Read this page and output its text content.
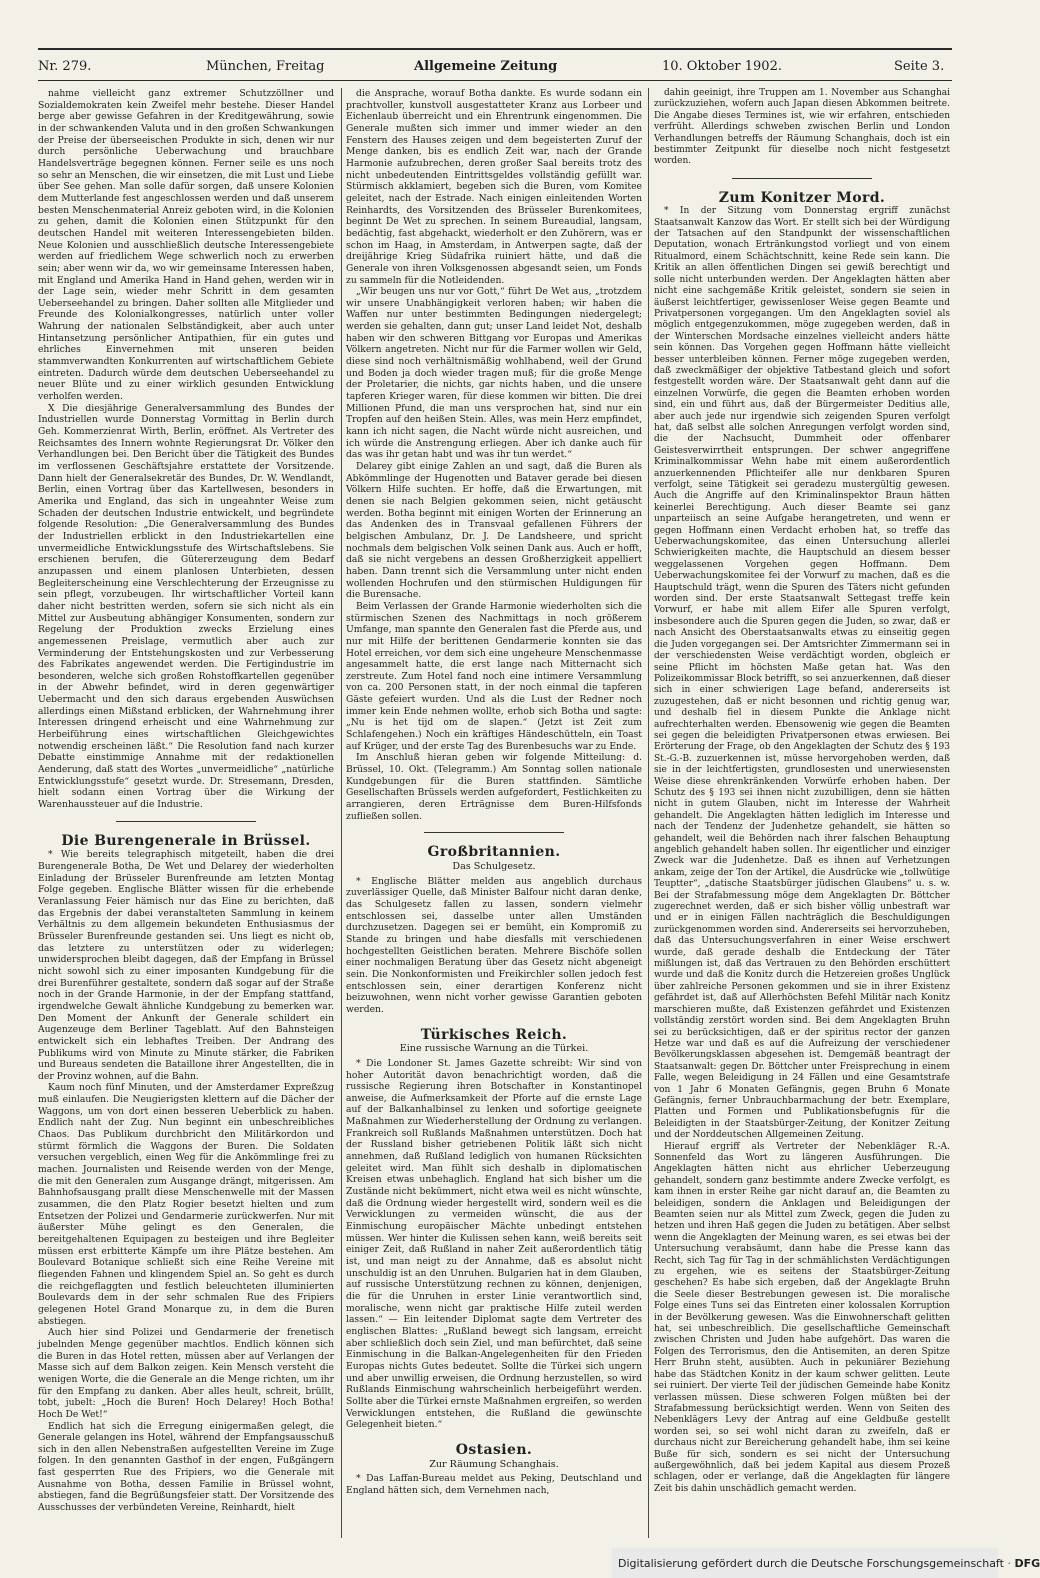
Nr. 279.	München, Freitag	Allgemeine Zeitung	10. Oktober 1902.	Seite 3.

nahme vielleicht ganz extremer Schutzzöllner und Sozialdemokraten kein Zweifel mehr bestehe. Dieser Handel berge aber gewisse Gefahren in der Kreditgewährung, sowie in der schwankenden Valuta und in den großen Schwankungen der Preise der überseeischen Produkte in sich, denen wir nur durch persönliche Ueberwachung und brauchbare Handelsverträge begegnen können. Ferner seile es uns noch so sehr an Menschen, die wir einsetzen, die mit Lust und Liebe über See gehen. Man solle dafür sorgen, daß unsere Kolonien dem Mutterlande fest angeschlossen werden und daß unserem besten Menschenmaterial Anreiz geboten wird, in die Kolonien zu gehen, damit die Kolonien einen Stützpunkt für den deutschen Handel mit weiteren Interessengebieten bilden. Neue Kolonien und ausschließlich deutsche Interessengebiete werden auf friedlichem Wege schwerlich noch zu erwerben sein; aber wenn wir da, wo wir gemeinsame Interessen haben, mit England und Amerika Hand in Hand gehen, werden wir in der Lage sein, wieder mehr Schritt in dem gesamten Ueberseehandel zu bringen. Daher sollten alle Mitglieder und Freunde des Kolonialkongresses, natürlich unter voller Wahrung der nationalen Selbständigkeit, aber auch unter Hintansetzung persönlicher Antipathien, für ein gutes und ehrliches Einvernehmen mit unseren beiden stammverwandten Konkurrenten auf wirtschaftlichem Gebiete eintreten. Dadurch würde dem deutschen Ueberseehandel zu neuer Blüte und zu einer wirklich gesunden Entwicklung verholfen werden.

X Die diesjährige Generalversammlung des Bundes der Industriellen wurde Donnerstag Vormittag in Berlin durch Geh. Kommerzienrat Wirth, Berlin, eröffnet. Als Vertreter des Reichsamtes des Innern wohnte Regierungsrat Dr. Völker den Verhandlungen bei. Den Bericht über die Tätigkeit des Bundes im verflossenen Geschäftsjahre erstattete der Vorsitzende. Dann hielt der Generalsekretär des Bundes, Dr. W. Wendlandt, Berlin, einen Vortrag über das Kartellwesen, besonders in Amerika und England, das sich in ungeahnter Weise zum Schaden der deutschen Industrie entwickelt, und begründete folgende Resolution: „Die Generalversammlung des Bundes der Industriellen erblickt in den Industriekartellen eine unvermeidliche Entwicklungsstufe des Wirtschaftslebens. Sie erschienen berufen, die Gütererzeugung dem Bedarf anzupassen und einem planlosen Unterbieten, dessen Begleiterscheinung eine Verschlechterung der Erzeugnisse zu sein pflegt, vorzubeugen. Ihr wirtschaftlicher Vorteil kann daher nicht bestritten werden, sofern sie sich nicht als ein Mittel zur Ausbeutung abhängiger Konsumenten, sondern zur Regelung der Produktion zwecks Erzielung eines angemessenen Preislage, vermutlich aber auch zur Verminderung der Entstehungskosten und zur Verbesserung des Fabrikates angewendet werden. Die Fertigindustrie im besonderen, welche sich großen Rohstoffkartellen gegenüber in der Abwehr befindet, wird in deren gegenwärtiger Uebermacht und den sich daraus ergebenden Auswüchsen allerdings einen Mißstand erblicken, der Wahrnehmung ihrer Interessen dringend erheischt und eine Wahrnehmung zur Herbeiführung eines wirtschaftlichen Gleichgewichtes notwendig erscheinen läßt.“ Die Resolution fand nach kurzer Debatte einstimmige Annahme mit der redaktionellen Aenderung, daß statt des Wortes „unvermeidliche“ „natürliche Entwicklungsstufe“ gesetzt wurde. Dr. Stresemann, Dresden, hielt sodann einen Vortrag über die Wirkung der Warenhaussteuer auf die Industrie.

Die Burengenerale in Brüssel.

* Wie bereits telegraphisch mitgeteilt, haben die drei Burengenerale Botha, De Wet und Delarey der wiederholten Einladung der Brüsseler Burenfreunde am letzten Montag Folge gegeben. Englische Blätter wissen für die erhebende Veranlassung Feier hämisch nur das Eine zu berichten, daß das Ergebnis der dabei veranstalteten Sammlung in keinem Verhältnis zu dem allgemein bekundeten Enthusiasmus der Brüsseler Burenfreunde gestanden sei. Uns liegt es nicht ob, das letztere zu unterstützen oder zu widerlegen; unwidersprochen bleibt dagegen, daß der Empfang in Brüssel nicht sowohl sich zu einer imposanten Kundgebung für die drei Burenführer gestaltete, sondern daß sogar auf der Straße noch in der Grande Harmonie, in der der Empfang stattfand, irgendwelche Gewalt ähnliche Kundgebung zu bemerken war. Den Moment der Ankunft der Generale schildert ein Augenzeuge dem Berliner Tageblatt. Auf den Bahnsteigen entwickelt sich ein lebhaftes Treiben. Der Andrang des Publikums wird von Minute zu Minute stärker, die Fabriken und Bureaus sendeten die Bataillone ihrer Angestellten, die in der Provinz wohnen, auf die Bahn.

Kaum noch fünf Minuten, und der Amsterdamer Expreßzug muß einlaufen. Die Neugierigsten klettern auf die Dächer der Waggons, um von dort einen besseren Ueberblick zu haben. Endlich naht der Zug. Nun beginnt ein unbeschreibliches Chaos. Das Publikum durchbricht den Militärkordon und stürmt förmlich die Waggons der Buren. Die Soldaten versuchen vergeblich, einen Weg für die Ankömmlinge frei zu machen. Journalisten und Reisende werden von der Menge, die mit den Generalen zum Ausgange drängt, mitgerissen. Am Bahnhofsausgang prallt diese Menschenwelle mit der Massen zusammen, die den Platz Rogier besetzt hielten und zum Entsetzen der Polizei und Gendarmerie zurückwerfen. Nur mit äußerster Mühe gelingt es den Generalen, die bereitgehaltenen Equipagen zu besteigen und ihre Begleiter müssen erst erbitterte Kämpfe um ihre Plätze bestehen. Am Boulevard Botanique schließt sich eine Reihe Vereine mit fliegenden Fahnen und klingendem Spiel an. So geht es durch die reichgeflaggten und festlich beleuchteten illuminierten Boulevards dem in der sehr schmalen Rue des Fripiers gelegenen Hotel Grand Monarque zu, in dem die Buren abstiegen.

Auch hier sind Polizei und Gendarmerie der frenetisch jubelnden Menge gegenüber machtlos. Endlich können sich die Buren in das Hotel retten, müssen aber auf Verlangen der Masse sich auf dem Balkon zeigen. Kein Mensch versteht die wenigen Worte, die die Generale an die Menge richten, um ihr für den Empfang zu danken. Aber alles heult, schreit, brüllt, tobt, jubelt: „Hoch die Buren! Hoch Delarey! Hoch Botha! Hoch De Wet!“

Endlich hat sich die Erregung einigermaßen gelegt, die Generale gelangen ins Hotel, während der Empfangsausschuß sich in den allen Nebenstraßen aufgestellten Vereine im Zuge folgen. In den genannten Gasthof in der engen, Fußgängern fast gesperrten Rue des Fripiers, wo die Generale mit Ausnahme von Botha, dessen Familie in Brüssel wohnt, abstiegen, fand die Begrüßungsfeier statt. Der Vorsitzende des Ausschusses der verbündeten Vereine, Reinhardt, hielt

die Ansprache, worauf Botha dankte. Es wurde sodann ein prachtvoller, kunstvoll ausgestatteter Kranz aus Lorbeer und Eichenlaub überreicht und ein Ehrentrunk eingenommen. Die Generale mußten sich immer und immer wieder an den Fenstern des Hauses zeigen und dem begeisterten Zuruf der Menge danken, bis es endlich Zeit war, nach der Grande Harmonie aufzubrechen, deren großer Saal bereits trotz des nicht unbedeutenden Eintrittsgeldes vollständig gefüllt war. Stürmisch akklamiert, begeben sich die Buren, vom Komitee geleitet, nach der Estrade. Nach einigen einleitenden Worten Reinhardts, des Vorsitzenden des Brüsseler Burenkomitees, beginnt De Wet zu sprechen. In seinem Bureaudial, langsam, bedächtig, fast abgehackt, wiederholt er den Zuhörern, was er schon im Haag, in Amsterdam, in Antwerpen sagte, daß der dreijährige Krieg Südafrika ruiniert hätte, und daß die Generale von ihren Volksgenossen abgesandt seien, um Fonds zu sammeln für die Notleidenden.

„Wir beugen uns nur vor Gott,“ führt De Wet aus, „trotzdem wir unsere Unabhängigkeit verloren haben; wir haben die Waffen nur unter bestimmten Bedingungen niedergelegt; werden sie gehalten, dann gut; unser Land leidet Not, deshalb haben wir den schweren Bittgang vor Europas und Amerikas Völkern angetreten. Nicht nur für die Farmer wollen wir Geld, diese sind noch verhältnismäßig wohlhabend, weil der Grund und Boden ja doch wieder tragen muß; für die große Menge der Proletarier, die nichts, gar nichts haben, und die unsere tapferen Krieger waren, für diese kommen wir bitten. Die drei Millionen Pfund, die man uns versprochen hat, sind nur ein Tropfen auf den heißen Stein. Alles, was mein Herz empfindet, kann ich nicht sagen, die Nacht würde nicht ausreichen, und ich würde die Anstrengung erliegen. Aber ich danke auch für das was ihr getan habt und was ihr tun werdet.“

Delarey gibt einige Zahlen an und sagt, daß die Buren als Abkömmlinge der Hugenotten und Bataver gerade bei diesen Völkern Hilfe suchten. Er hoffe, daß die Erwartungen, mit denen sie nach Belgien gekommen seien, nicht getäuscht werden. Botha beginnt mit einigen Worten der Erinnerung an das Andenken des in Transvaal gefallenen Führers der belgischen Ambulanz, Dr. J. De Landsheere, und spricht nochmals dem belgischen Volk seinen Dank aus. Auch er hofft, daß sie nicht vergebens an dessen Großherzigkeit appelliert haben. Dann trennt sich die Versammlung unter nicht enden wollenden Hochrufen und den stürmischen Huldigungen für die Burensache.

Beim Verlassen der Grande Harmonie wiederholten sich die stürmischen Szenen des Nachmittags in noch größerem Umfange, man spannte den Generalen fast die Pferde aus, und nur mit Hilfe der berittenen Gendarmerie konnten sie das Hotel erreichen, vor dem sich eine ungeheure Menschenmasse angesammelt hatte, die erst lange nach Mitternacht sich zerstreute. Zum Hotel fand noch eine intimere Versammlung von ca. 200 Personen statt, in der noch einmal die tapferen Gäste gefeiert wurden. Und als die Lust der Redner noch immer kein Ende nehmen wollte, erhob sich Botha und sagte: „Nu is het tijd om de slapen.“ (Jetzt ist Zeit zum Schlafengehen.) Noch ein kräftiges Händeschütteln, ein Toast auf Krüger, und der erste Tag des Burenbesuchs war zu Ende.

Im Anschluß hieran geben wir folgende Mitteilung: d. Brüssel, 10. Okt. (Telegramm.) Am Sonntag sollen nationale Kundgebungen für die Buren stattfinden. Sämtliche Gesellschaften Brüssels werden aufgefordert, Festlichkeiten zu arrangieren, deren Erträgnisse dem Buren-Hilfsfonds zufließen sollen.

Großbritannien.
Das Schulgesetz.

* Englische Blätter melden aus angeblich durchaus zuverlässiger Quelle, daß Minister Balfour nicht daran denke, das Schulgesetz fallen zu lassen, sondern vielmehr entschlossen sei, dasselbe unter allen Umständen durchzusetzen. Dagegen sei er bemüht, ein Kompromiß zu Stande zu bringen und habe diesfalls mit verschiedenen hochgestellten Geistlichen beraten. Mehrere Bischöfe sollen einer nochmaligen Beratung über das Gesetz nicht abgeneigt sein. Die Nonkonformisten und Freikirchler sollen jedoch fest entschlossen sein, einer derartigen Konferenz nicht beizuwohnen, wenn nicht vorher gewisse Garantien geboten werden.

Türkisches Reich.
Eine russische Warnung an die Türkei.

* Die Londoner St. James Gazette schreibt: Wir sind von hoher Autorität davon benachrichtigt worden, daß die russische Regierung ihren Botschafter in Konstantinopel anweise, die Aufmerksamkeit der Pforte auf die ernste Lage auf der Balkanhalbinsel zu lenken und sofortige geeignete Maßnahmen zur Wiederherstellung der Ordnung zu verlangen. Frankreich soll Rußlands Maßnahmen unterstützen. Doch hat der Russland bisher getriebenen Politik läßt sich nicht annehmen, daß Rußland lediglich von humanen Rücksichten geleitet wird. Man fühlt sich deshalb in diplomatischen Kreisen etwas unbehaglich. England hat sich bisher um die Zustände nicht bekümmert, nicht etwa weil es nicht wünschte, daß die Ordnung wieder hergestellt wird, sondern weil es die Verwicklungen zu vermeiden wünscht, die aus der Einmischung europäischer Mächte unbedingt entstehen müssen. Wer hinter die Kulissen sehen kann, weiß bereits seit einiger Zeit, daß Rußland in naher Zeit außerordentlich tätig ist, und man neigt zu der Annahme, daß es absolut nicht unschuldig ist an den Unruhen. Bulgarien hat in dem Glauben, auf russische Unterstützung rechnen zu können, denjenigen, die für die Unruhen in erster Linie verantwortlich sind, moralische, wenn nicht gar praktische Hilfe zuteil werden lassen.“ — Ein leitender Diplomat sagte dem Vertreter des englischen Blattes: „Rußland bewegt sich langsam, erreicht aber schließlich doch sein Ziel, und man befürchtet, daß seine Einmischung in die Balkan-Angelegenheiten für den Frieden Europas nichts Gutes bedeutet. Sollte die Türkei sich ungern und aber unwillig erweisen, die Ordnung herzustellen, so wird Rußlands Einmischung wahrscheinlich herbeigeführt werden. Sollte aber die Türkei ernste Maßnahmen ergreifen, so werden Verwicklungen entstehen, die Rußland die gewünschte Gelegenheit bieten.“

Ostasien.
Zur Räumung Schanghais.

* Das Laffan-Bureau meldet aus Peking, Deutschland und England hätten sich, dem Vernehmen nach,

dahin geeinigt, ihre Truppen am 1. November aus Schanghai zurückzuziehen, wofern auch Japan diesen Abkommen beitrete. Die Angabe dieses Termines ist, wie wir erfahren, entschieden verfrüht. Allerdings schweben zwischen Berlin und London Verhandlungen betreffs der Räumung Schanghais, doch ist ein bestimmter Zeitpunkt für dieselbe noch nicht festgesetzt worden.

Zum Konitzer Mord.

* In der Sitzung vom Donnerstag ergriff zunächst Staatsanwalt Kanzow das Wort. Er stellt sich bei der Würdigung der Tatsachen auf den Standpunkt der wissenschaftlichen Deputation, wonach Ertränkungstod vorliegt und von einem Ritualmord, einem Schächtschnitt, keine Rede sein kann. Die Kritik an allen öffentlichen Dingen sei gewiß berechtigt und solle nicht unterbunden werden. Der Angeklagten hätten aber nicht eine sachgemäße Kritik geleistet, sondern sie seien in äußerst leichtfertiger, gewissenloser Weise gegen Beamte und Privatpersonen vorgegangen. Um den Angeklagten soviel als möglich entgegenzukommen, möge zugegeben werden, daß in der Winterschen Mordsache einzelnes vielleicht anders hätte sein können. Das Vorgehen gegen Hoffmann hätte vielleicht besser unterbleiben können. Ferner möge zugegeben werden, daß zweckmäßiger der objektive Tatbestand gleich und sofort festgestellt worden wäre. Der Staatsanwalt geht dann auf die einzelnen Vorwürfe, die gegen die Beamten erhoben worden sind, ein und führt aus, daß der Bürgermeister Deditius alle, aber auch jede nur irgendwie sich zeigenden Spuren verfolgt hat, daß selbst alle solchen Anregungen verfolgt worden sind, die der Nachsucht, Dummheit oder offenbarer Geistesverwirrtheit entsprungen. Der schwer angegriffene Kriminalkommissar Wehn habe mit einem außerordentlich anzuerkennenden Pflichteifer alle nur denkbaren Spuren verfolgt, seine Tätigkeit sei geradezu mustergültig gewesen. Auch die Angriffe auf den Kriminalinspektor Braun hätten keinerlei Berechtigung. Auch dieser Beamte sei ganz unparteiisch an seine Aufgabe herangetreten, und wenn er gegen Hoffmann einen Verdacht erhoben hat, so treffe das Ueberwachungskomitee, das einen Untersuchung allerlei Schwierigkeiten machte, die Hauptschuld an diesem besser weggelassenen Vorgehen gegen Hoffmann. Dem Ueberwachungskomitee fei der Vorwurf zu machen, daß es die Hauptschuld trägt, wenn die Spuren des Täters nicht gefunden worden sind. Der erste Staatsanwalt Settegast treffe kein Vorwurf, er habe mit allem Eifer alle Spuren verfolgt, insbesondere auch die Spuren gegen die Juden, so zwar, daß er nach Ansicht des Oberstaatsanwalts etwas zu einseitig gegen die Juden vorgegangen sei. Der Amtsrichter Zimmermann sei in der verschiedensten Weise verdächtigt worden, obgleich er seine Pflicht im höchsten Maße getan hat. Was den Polizeikommissar Block betrifft, so sei anzuerkennen, daß dieser sich in einer schwierigen Lage befand, andererseits ist zuzugestehen, daß er nicht besonnen und richtig genug war, und deshalb fiel in diesem Punkte die Anklage nicht aufrechterhalten werden. Ebensowenig wie gegen die Beamten sei gegen die beleidigten Privatpersonen etwas erwiesen. Bei Erörterung der Frage, ob den Angeklagten der Schutz des § 193 St.-G.-B. zuzuerkennen ist, müsse hervorgehoben werden, daß sie in der leichtfertigsten, grundlosesten und unerwiesensten Weise diese ehrenkränkenden Vorwürfe erhoben haben. Der Schutz des § 193 sei ihnen nicht zuzubilligen, denn sie hätten nicht in gutem Glauben, nicht im Interesse der Wahrheit gehandelt. Die Angeklagten hätten lediglich im Interesse und nach der Tendenz der Judenhetze gehandelt, sie hätten so gehandelt, weil die Behörden nach ihrer falschen Behauptung angeblich gehandelt haben sollen. Ihr eigentlicher und einziger Zweck war die Judenhetze. Daß es ihnen auf Verhetzungen ankam, zeige der Ton der Artikel, die Ausdrücke wie „tollwütige Teuptter“, „datische Staatsbürger jüdischen Glaubens“ u. s. w. Bei der Strafabmessung möge dem Angeklagten Dr. Böttcher zugerechnet werden, daß er sich bisher völlig unbestraft war und er in einigen Fällen nachträglich die Beschuldigungen zurückgenommen worden sind. Andererseits sei hervorzuheben, daß das Untersuchungsverfahren in einer Weise erschwert wurde, daß gerade deshalb die Entdeckung der Täter mißlungen ist, daß das Vertrauen zu den Behörden erschüttert wurde und daß die Konitz durch die Hetzereien großes Unglück über zahlreiche Personen gekommen und sie in ihrer Existenz gefährdet ist, daß auf Allerhöchsten Befehl Militär nach Konitz marschieren mußte, daß Existenzen gefährdet und Existenzen vollständig zerstört worden sind. Bei dem Angeklagten Bruhn sei zu berücksichtigen, daß er der spiritus rector der ganzen Hetze war und daß es auf die Aufreizung der verschiedener Bevölkerungsklassen abgesehen ist. Demgemäß beantragt der Staatsanwalt: gegen Dr. Böttcher unter Freisprechung in einem Falle, wegen Beleidigung in 24 Fällen und eine Gesamtstrafe von 1 Jahr 6 Monaten Gefängnis, gegen Bruhn 6 Monate Gefängnis, ferner Unbrauchbarmachung der betr. Exemplare, Platten und Formen und Publikationsbefugnis für die Beleidigten in der Staatsbürger-Zeitung, der Konitzer Zeitung und der Norddeutschen Allgemeinen Zeitung.

Hierauf ergriff als Vertreter der Nebenkläger R.-A. Sonnenfeld das Wort zu längeren Ausführungen. Die Angeklagten hätten nicht aus ehrlicher Ueberzeugung gehandelt, sondern ganz bestimmte andere Zwecke verfolgt, es kam ihnen in erster Reihe gar nicht darauf an, die Beamten zu beleidigen, sondern die Anklagen und Beleidigungen der Beamten seien nur als Mittel zum Zweck, gegen die Juden zu hetzen und ihren Haß gegen die Juden zu betätigen. Aber selbst wenn die Angeklagten der Meinung waren, es sei etwas bei der Untersuchung verabsäumt, dann habe die Presse kann das Recht, sich Tag für Tag in der schmählichsten Verdächtigungen zu ergehen, wie es seitens der Staatsbürger-Zeitung geschehen? Es habe sich ergeben, daß der Angeklagte Bruhn die Seele dieser Bestrebungen gewesen ist. Die moralische Folge eines Tuns sei das Eintreten einer kolossalen Korruption in der Bevölkerung gewesen. Was die Einwohnerschaft gelitten hat, sei unbeschreiblich. Die gesellschaftliche Gemeinschaft zwischen Christen und Juden habe aufgehört. Das waren die Folgen des Terrorismus, den die Antisemiten, an deren Spitze Herr Bruhn steht, ausübten. Auch in pekuniärer Beziehung habe das Städtchen Konitz in der kaum schwer gelitten. Leute sei ruiniert. Der vierte Teil der jüdischen Gemeinde habe Konitz verlassen müssen. Diese schweren Folgen müßten bei der Strafabmessung berücksichtigt werden. Wenn von Seiten des Nebenklägers Levy der Antrag auf eine Geldbuße gestellt worden sei, so sei wohl nicht daran zu zweifeln, daß er durchaus nicht zur Bereicherung gehandelt habe, ihm sei keine Buße für sich, sondern es sei nicht der Untersuchung außergewöhnlich, daß bei jedem Kapital aus diesem Prozeß schlagen, oder er verlange, daß die Angeklagten für längere Zeit bis dahin unschädlich gemacht werden.

Digitalisierung gefördert durch die Deutsche Forschungsgemeinschaft · DFG
